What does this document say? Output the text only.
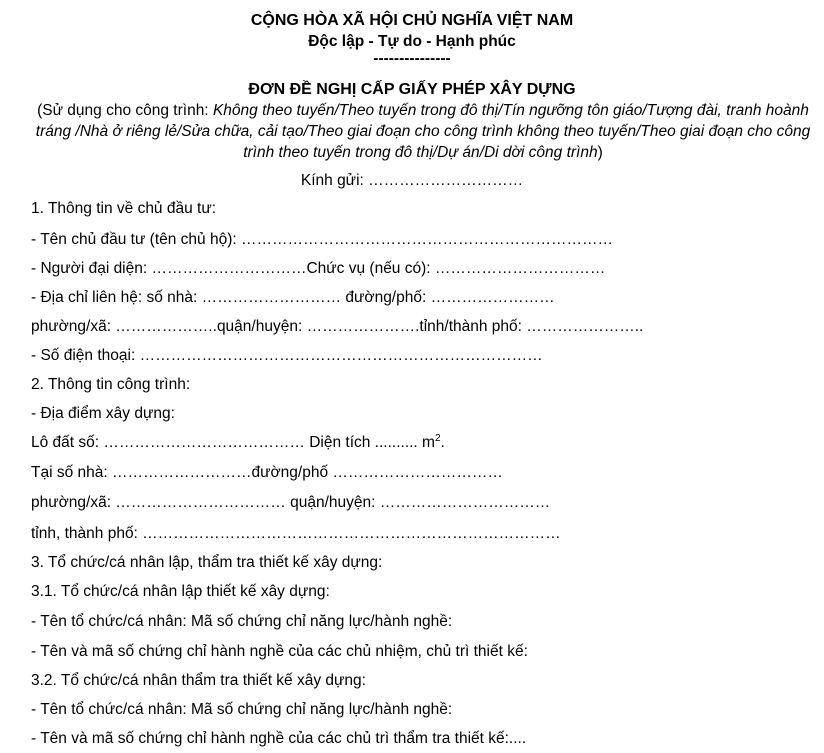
CỘNG HÒA XÃ HỘI CHỦ NGHĨA VIỆT NAM
Độc lập - Tự do - Hạnh phúc
---------------
ĐƠN ĐỀ NGHỊ CẤP GIẤY PHÉP XÂY DỰNG
(Sử dụng cho công trình: Không theo tuyến/Theo tuyến trong đô thị/Tín ngưỡng tôn giáo/Tượng đài, tranh hoành tráng /Nhà ở riêng lẻ/Sửa chữa, cải tạo/Theo giai đoạn cho công trình không theo tuyến/Theo giai đoạn cho công trình theo tuyến trong đô thị/Dự án/Di dời công trình)
Kính gửi: …………………………
1. Thông tin về chủ đầu tư:
- Tên chủ đầu tư (tên chủ hộ): ………………………………………………………………
- Người đại diện: …………………………Chức vụ (nếu có): ……………………………
- Địa chỉ liên hệ: số nhà: ……………………… đường/phố: ……………………
phường/xã: ………………..quận/huyện: ………………….tỉnh/thành phố: …………………..
- Số điện thoại: ……………………………………………………………………
2. Thông tin công trình:
- Địa điểm xây dựng:
Lô đất số: ………………………………… Diện tích .......... $m^2$.
Tại số nhà: ………………………đường/phố ……………………………
phường/xã: …………………………… quận/huyện: ……………………………
tỉnh, thành phố: ………………………………………………………………………
3. Tổ chức/cá nhân lập, thẩm tra thiết kế xây dựng:
3.1. Tổ chức/cá nhân lập thiết kế xây dựng:
- Tên tổ chức/cá nhân: Mã số chứng chỉ năng lực/hành nghề:
- Tên và mã số chứng chỉ hành nghề của các chủ nhiệm, chủ trì thiết kế:
3.2. Tổ chức/cá nhân thẩm tra thiết kế xây dựng:
- Tên tổ chức/cá nhân: Mã số chứng chỉ năng lực/hành nghề:
- Tên và mã số chứng chỉ hành nghề của các chủ trì thẩm tra thiết kế:....
